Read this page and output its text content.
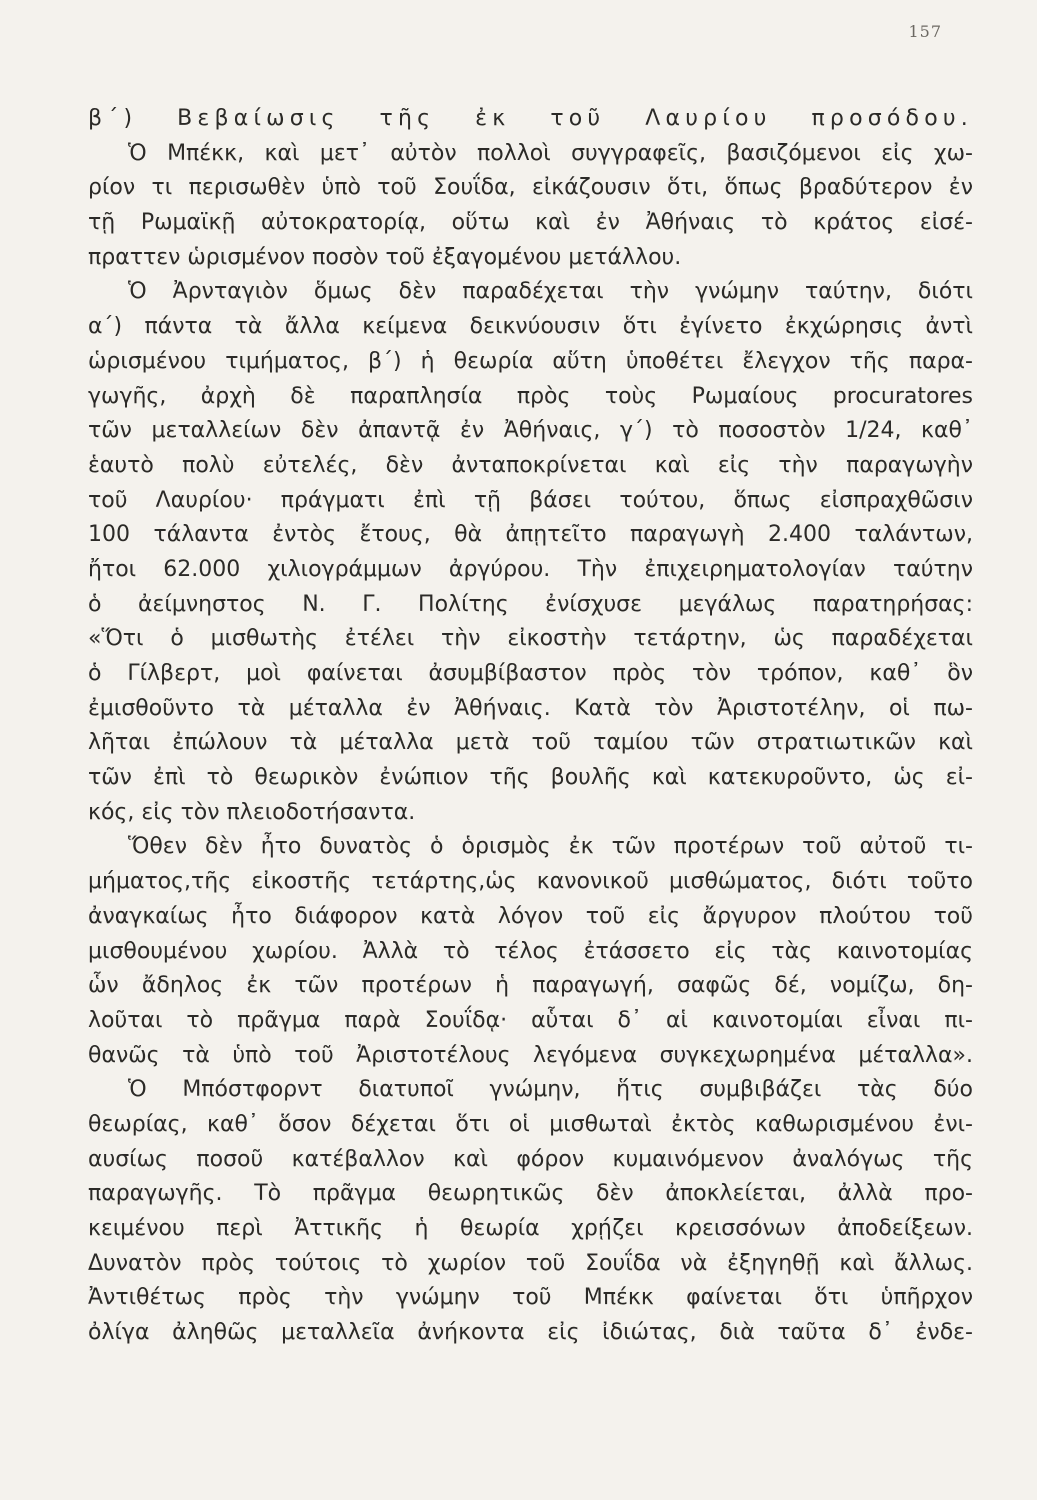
157
β΄) Βεβαίωσις τῆς ἐκ τοῦ Λαυρίου προσόδου.
Ὁ Μπέκκ, καὶ μετ᾽ αὐτὸν πολλοὶ συγγραφεῖς, βασιζόμενοι εἰς χω-
ρίον τι περισωθὲν ὑπὸ τοῦ Σουΐδα, εἰκάζουσιν ὅτι, ὅπως βραδύτερον ἐν
τῇ Ρωμαϊκῇ αὐτοκρατορίᾳ, οὕτω καὶ ἐν Ἀθήναις τὸ κράτος εἰσέ-
πραττεν ὡρισμένον ποσὸν τοῦ ἐξαγομένου μετάλλου.
Ὁ Ἀρνταγιὸν ὅμως δὲν παραδέχεται τὴν γνώμην ταύτην, διότι
α΄) πάντα τὰ ἄλλα κείμενα δεικνύουσιν ὅτι ἐγίνετο ἐκχώρησις ἀντὶ
ὡρισμένου τιμήματος, β΄) ἡ θεωρία αὕτη ὑποθέτει ἔλεγχον τῆς παρα-
γωγῆς, ἀρχὴ δὲ παραπλησία πρὸς τοὺς Ρωμαίους procuratores
τῶν μεταλλείων δὲν ἀπαντᾷ ἐν Ἀθήναις, γ΄) τὸ ποσοστὸν 1/24, καθ᾽
ἑαυτὸ πολὺ εὐτελές, δὲν ἀνταποκρίνεται καὶ εἰς τὴν παραγωγὴν
τοῦ Λαυρίου· πράγματι ἐπὶ τῇ βάσει τούτου, ὅπως εἰσπραχθῶσιν
100 τάλαντα ἐντὸς ἔτους, θὰ ἀπῃτεῖτο παραγωγὴ 2.400 ταλάντων,
ἤτοι 62.000 χιλιογράμμων ἀργύρου. Τὴν ἐπιχειρηματολογίαν ταύτην
ὁ ἀείμνηστος Ν. Γ. Πολίτης ἐνίσχυσε μεγάλως παρατηρήσας:
«Ὅτι ὁ μισθωτὴς ἐτέλει τὴν εἰκοστὴν τετάρτην, ὡς παραδέχεται
ὁ Γίλβερτ, μοὶ φαίνεται ἀσυμβίβαστον πρὸς τὸν τρόπον, καθ᾽ ὃν
ἐμισθοῦντο τὰ μέταλλα ἐν Ἀθήναις. Κατὰ τὸν Ἀριστοτέλην, οἱ πω-
λῆται ἐπώλουν τὰ μέταλλα μετὰ τοῦ ταμίου τῶν στρατιωτικῶν καὶ
τῶν ἐπὶ τὸ θεωρικὸν ἐνώπιον τῆς βουλῆς καὶ κατεκυροῦντο, ὡς εἰ-
κός, εἰς τὸν πλειοδοτήσαντα.
Ὅθεν δὲν ἦτο δυνατὸς ὁ ὁρισμὸς ἐκ τῶν προτέρων τοῦ αὐτοῦ τι-
μήματος,τῆς εἰκοστῆς τετάρτης,ὡς κανονικοῦ μισθώματος, διότι τοῦτο
ἀναγκαίως ἦτο διάφορον κατὰ λόγον τοῦ εἰς ἄργυρον πλούτου τοῦ
μισθουμένου χωρίου. Ἀλλὰ τὸ τέλος ἐτάσσετο εἰς τὰς καινοτομίας
ὧν ἄδηλος ἐκ τῶν προτέρων ἡ παραγωγή, σαφῶς δέ, νομίζω, δη-
λοῦται τὸ πρᾶγμα παρὰ Σουΐδᾳ· αὗται δ᾽ αἱ καινοτομίαι εἶναι πι-
θανῶς τὰ ὑπὸ τοῦ Ἀριστοτέλους λεγόμενα συγκεχωρημένα μέταλλα».
Ὁ Μπόστφορντ διατυποῖ γνώμην, ἥτις συμβιβάζει τὰς δύο
θεωρίας, καθ᾽ ὅσον δέχεται ὅτι οἱ μισθωταὶ ἐκτὸς καθωρισμένου ἐνι-
αυσίως ποσοῦ κατέβαλλον καὶ φόρον κυμαινόμενον ἀναλόγως τῆς
παραγωγῆς. Τὸ πρᾶγμα θεωρητικῶς δὲν ἀποκλείεται, ἀλλὰ προ-
κειμένου περὶ Ἀττικῆς ἡ θεωρία χρῄζει κρεισσόνων ἀποδείξεων.
Δυνατὸν πρὸς τούτοις τὸ χωρίον τοῦ Σουΐδα νὰ ἐξηγηθῇ καὶ ἄλλως.
Ἀντιθέτως πρὸς τὴν γνώμην τοῦ Μπέκκ φαίνεται ὅτι ὑπῆρχον
ὀλίγα ἀληθῶς μεταλλεῖα ἀνήκοντα εἰς ἰδιώτας, διὰ ταῦτα δ᾽ ἐνδε-
